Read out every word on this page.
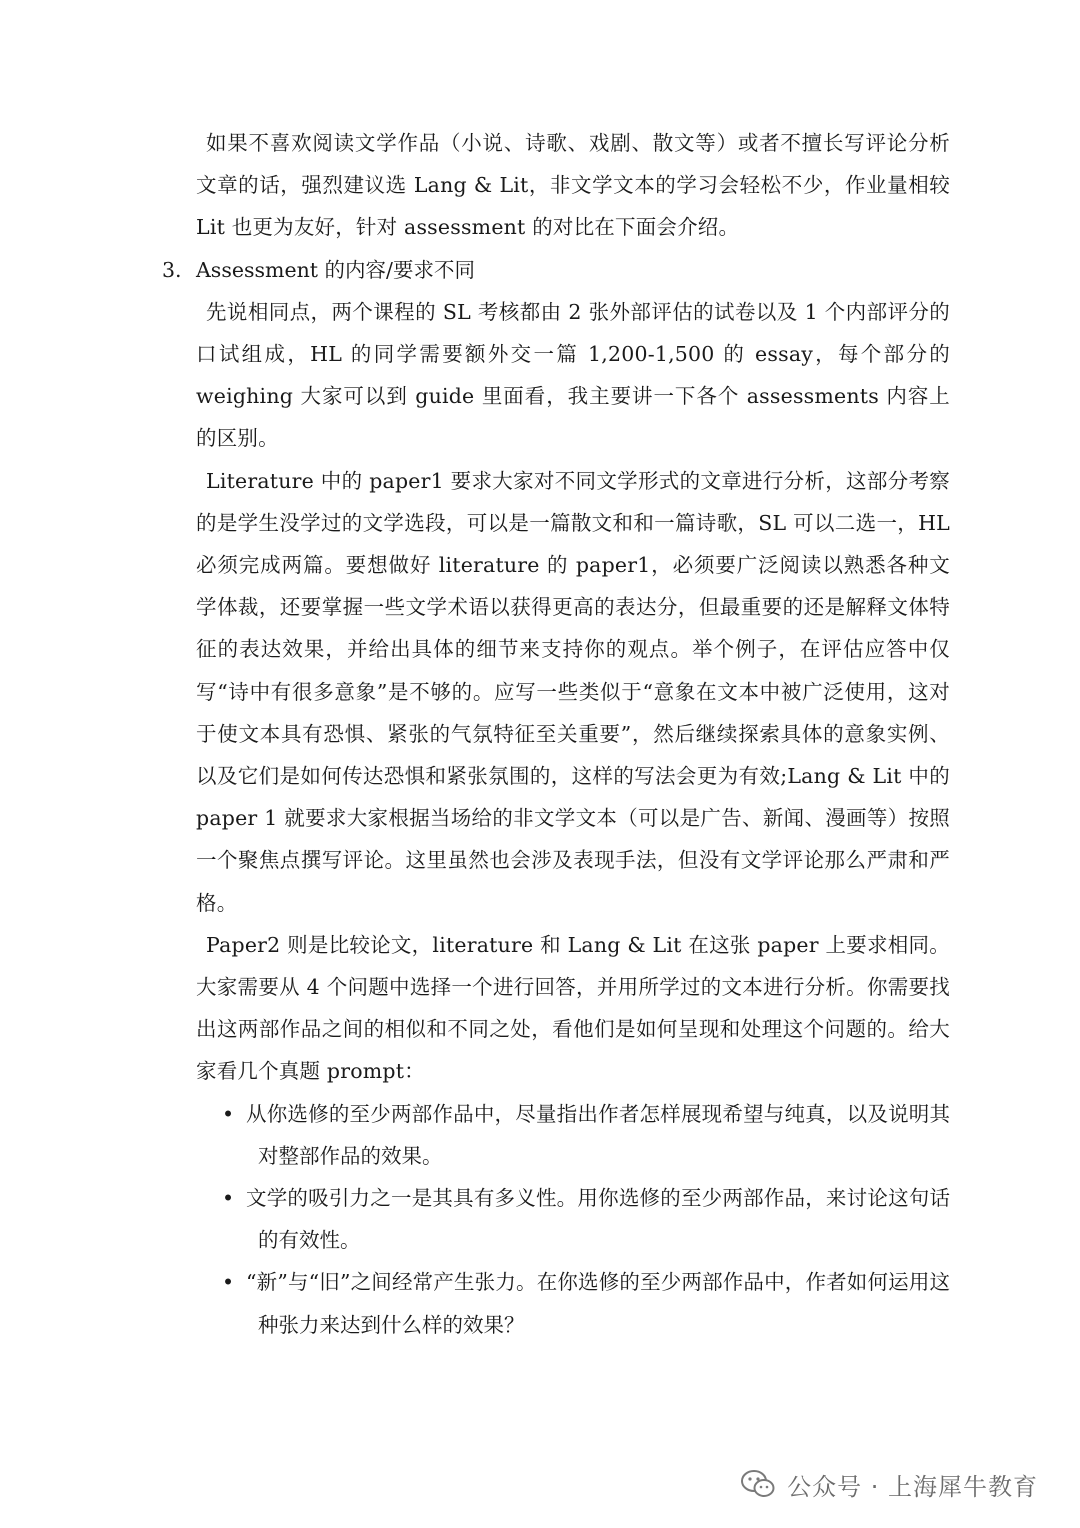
如果不喜欢阅读文学作品（小说、诗歌、戏剧、散文等）或者不擅长写评论分析文章的话，强烈建议选 Lang & Lit，非文学文本的学习会轻松不少，作业量相较 Lit 也更为友好，针对 assessment 的对比在下面会介绍。

3. Assessment 的内容/要求不同

先说相同点，两个课程的 SL 考核都由 2 张外部评估的试卷以及 1 个内部评分的口试组成，HL 的同学需要额外交一篇 1,200-1,500 的 essay，每个部分的 weighing 大家可以到 guide 里面看，我主要讲一下各个 assessments 内容上的区别。

Literature 中的 paper1 要求大家对不同文学形式的文章进行分析，这部分考察的是学生没学过的文学选段，可以是一篇散文和和一篇诗歌，SL 可以二选一，HL 必须完成两篇。要想做好 literature 的 paper1，必须要广泛阅读以熟悉各种文学体裁，还要掌握一些文学术语以获得更高的表达分，但最重要的还是解释文体特征的表达效果，并给出具体的细节来支持你的观点。举个例子，在评估应答中仅写“诗中有很多意象”是不够的。应写一些类似于“意象在文本中被广泛使用，这对于使文本具有恐惧、紧张的气氛特征至关重要”，然后继续探索具体的意象实例、以及它们是如何传达恐惧和紧张氛围的，这样的写法会更为有效;Lang & Lit 中的 paper 1 就要求大家根据当场给的非文学文本（可以是广告、新闻、漫画等）按照一个聚焦点撰写评论。这里虽然也会涉及表现手法，但没有文学评论那么严肃和严格。

Paper2 则是比较论文，literature 和 Lang & Lit 在这张 paper 上要求相同。大家需要从 4 个问题中选择一个进行回答，并用所学过的文本进行分析。你需要找出这两部作品之间的相似和不同之处，看他们是如何呈现和处理这个问题的。给大家看几个真题 prompt：

• 从你选修的至少两部作品中，尽量指出作者怎样展现希望与纯真，以及说明其对整部作品的效果。
• 文学的吸引力之一是其具有多义性。用你选修的至少两部作品，来讨论这句话的有效性。
• “新”与“旧”之间经常产生张力。在你选修的至少两部作品中，作者如何运用这种张力来达到什么样的效果？
公众号 · 上海犀牛教育
